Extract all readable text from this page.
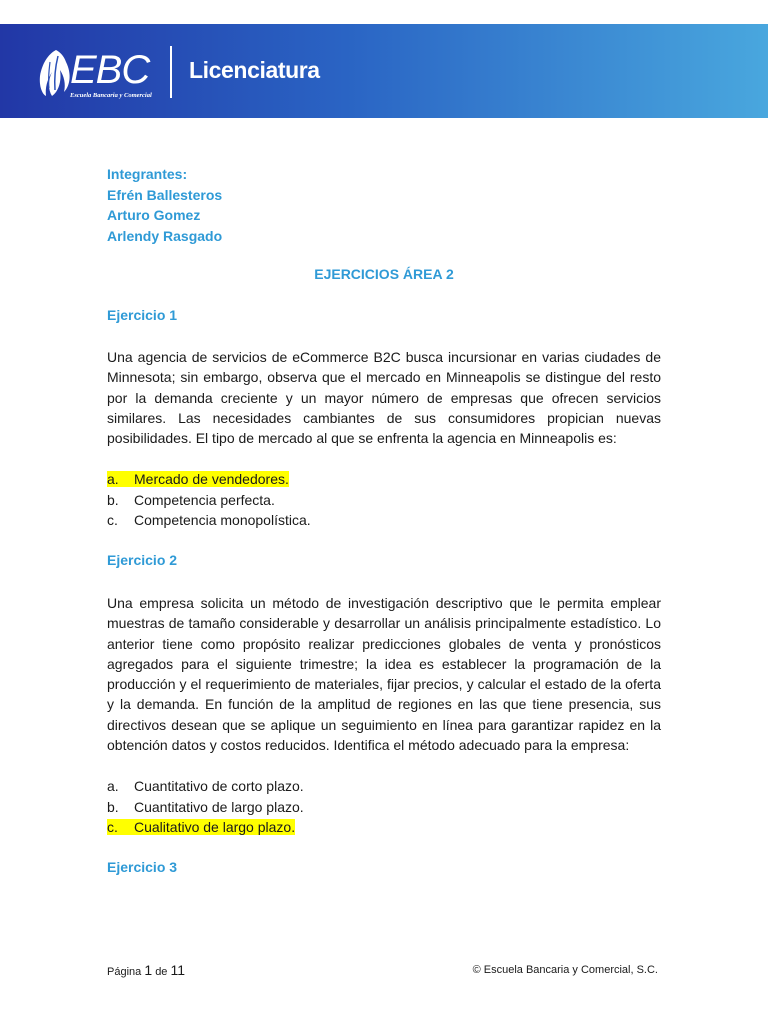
EBC
Escuela Bancaria y Comercial
Licenciatura
Integrantes:
Efrén Ballesteros
Arturo Gomez
Arlendy Rasgado
EJERCICIOS ÁREA 2
Ejercicio 1
Una agencia de servicios de eCommerce B2C busca incursionar en varias ciudades de Minnesota; sin embargo, observa que el mercado en Minneapolis se distingue del resto por la demanda creciente y un mayor número de empresas que ofrecen servicios similares. Las necesidades cambiantes de sus consumidores propician nuevas posibilidades. El tipo de mercado al que se enfrenta la agencia en Minneapolis es:
a. Mercado de vendedores.
b. Competencia perfecta.
c. Competencia monopolística.
Ejercicio 2
Una empresa solicita un método de investigación descriptivo que le permita emplear muestras de tamaño considerable y desarrollar un análisis principalmente estadístico. Lo anterior tiene como propósito realizar predicciones globales de venta y pronósticos agregados para el siguiente trimestre; la idea es establecer la programación de la producción y el requerimiento de materiales, fijar precios, y calcular el estado de la oferta y la demanda. En función de la amplitud de regiones en las que tiene presencia, sus directivos desean que se aplique un seguimiento en línea para garantizar rapidez en la obtención datos y costos reducidos. Identifica el método adecuado para la empresa:
a. Cuantitativo de corto plazo.
b. Cuantitativo de largo plazo.
c. Cualitativo de largo plazo.
Ejercicio 3
Página 1 de 11	© Escuela Bancaria y Comercial, S.C.
